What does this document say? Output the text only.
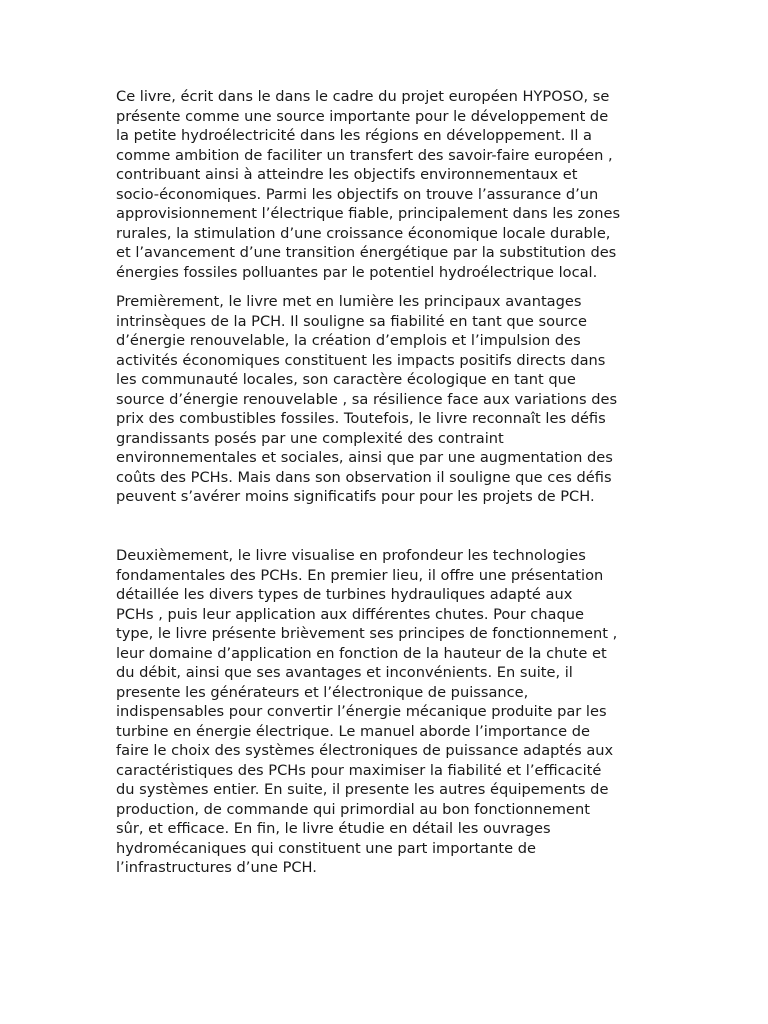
Ce livre, écrit dans le dans le cadre du projet européen HYPOSO, se
présente comme une source importante pour le développement de
la petite hydroélectricité dans les régions en développement. Il a
comme ambition de faciliter un transfert des savoir-faire européen ,
contribuant ainsi à atteindre les objectifs environnementaux et
socio-économiques. Parmi les objectifs on trouve l’assurance d’un
approvisionnement l’électrique fiable, principalement dans les zones
rurales, la stimulation d’une croissance économique locale durable,
et l’avancement d’une transition énergétique par la substitution des
énergies fossiles polluantes par le potentiel hydroélectrique local.

Premièrement, le livre met en lumière les principaux avantages
intrinsèques de la PCH. Il souligne sa fiabilité en tant que source
d’énergie renouvelable, la création d’emplois et l’impulsion des
activités économiques constituent les impacts positifs directs dans
les communauté locales, son caractère écologique en tant que
source d’énergie renouvelable , sa résilience face aux variations des
prix des combustibles fossiles. Toutefois, le livre reconnaît les défis
grandissants posés par une complexité des contraint
environnementales et sociales, ainsi que par une augmentation des
coûts des PCHs. Mais dans son observation il souligne que ces défis
peuvent s’avérer moins significatifs pour pour les projets de PCH.

Deuxièmement, le livre visualise en profondeur les technologies
fondamentales des PCHs. En premier lieu, il offre une présentation
détaillée les divers types de turbines hydrauliques adapté aux
PCHs , puis leur application aux différentes chutes. Pour chaque
type, le livre présente brièvement ses principes de fonctionnement ,
leur domaine d’application en fonction de la hauteur de la chute et
du débit, ainsi que ses avantages et inconvénients. En suite, il
presente les générateurs et l’électronique de puissance,
indispensables pour convertir l’énergie mécanique produite par les
turbine en énergie électrique. Le manuel aborde l’importance de
faire le choix des systèmes électroniques de puissance adaptés aux
caractéristiques des PCHs pour maximiser la fiabilité et l’efficacité
du systèmes entier. En suite, il presente les autres équipements de
production, de commande qui primordial au bon fonctionnement
sûr, et efficace. En fin, le livre étudie en détail les ouvrages
hydromécaniques qui constituent une part importante de
l’infrastructures d’une PCH.
